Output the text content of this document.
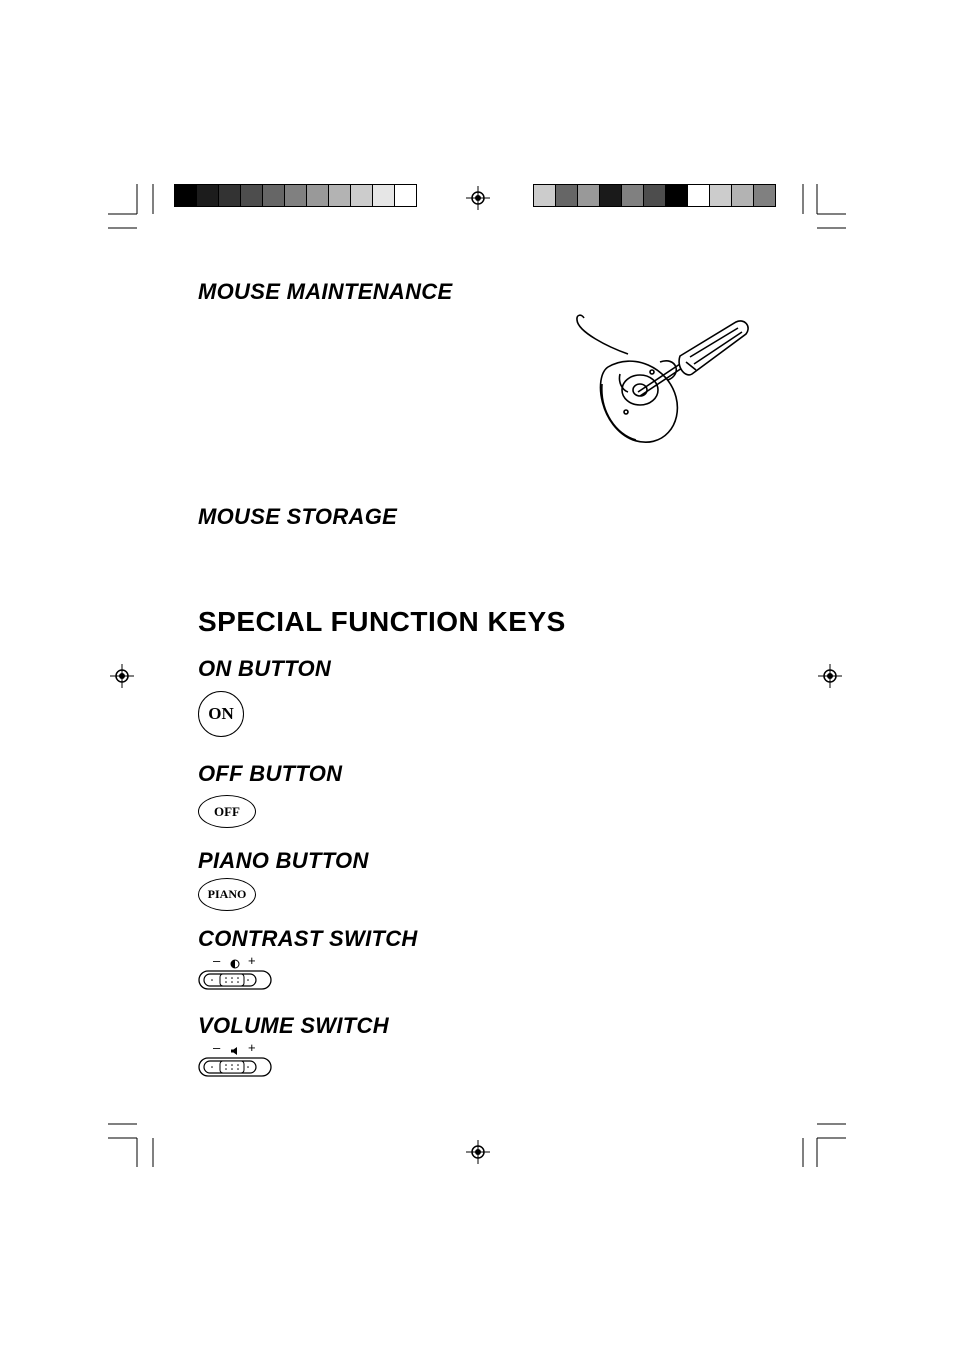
MOUSE MAINTENANCE
MOUSE STORAGE
SPECIAL FUNCTION KEYS
ON BUTTON
OFF BUTTON
PIANO BUTTON
CONTRAST SWITCH
VOLUME SWITCH
ON
OFF
PIANO
– +
– +
